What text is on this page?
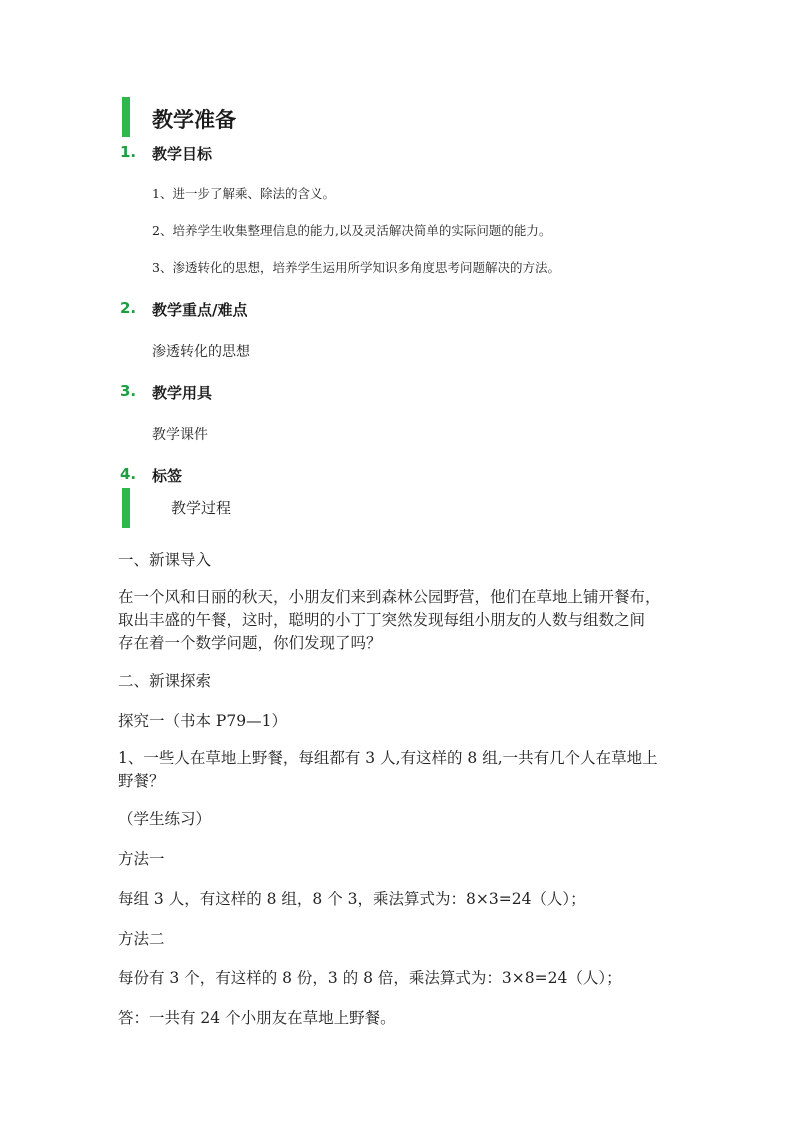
教学准备
1. 教学目标
1、进一步了解乘、除法的含义。
2、培养学生收集整理信息的能力,以及灵活解决简单的实际问题的能力。
3、渗透转化的思想，培养学生运用所学知识多角度思考问题解决的方法。
2. 教学重点/难点
渗透转化的思想
3. 教学用具
教学课件
4. 标签
教学过程
一、新课导入
在一个风和日丽的秋天，小朋友们来到森林公园野营，他们在草地上铺开餐布，
取出丰盛的午餐，这时，聪明的小丁丁突然发现每组小朋友的人数与组数之间
存在着一个数学问题，你们发现了吗？
二、新课探索
探究一（书本 P79—1）
1、一些人在草地上野餐，每组都有 3 人,有这样的 8 组,一共有几个人在草地上
野餐？
（学生练习）
方法一
每组 3 人，有这样的 8 组，8 个 3，乘法算式为：8×3=24（人）；
方法二
每份有 3 个，有这样的 8 份，3 的 8 倍，乘法算式为：3×8=24（人）；
答：一共有 24 个小朋友在草地上野餐。
